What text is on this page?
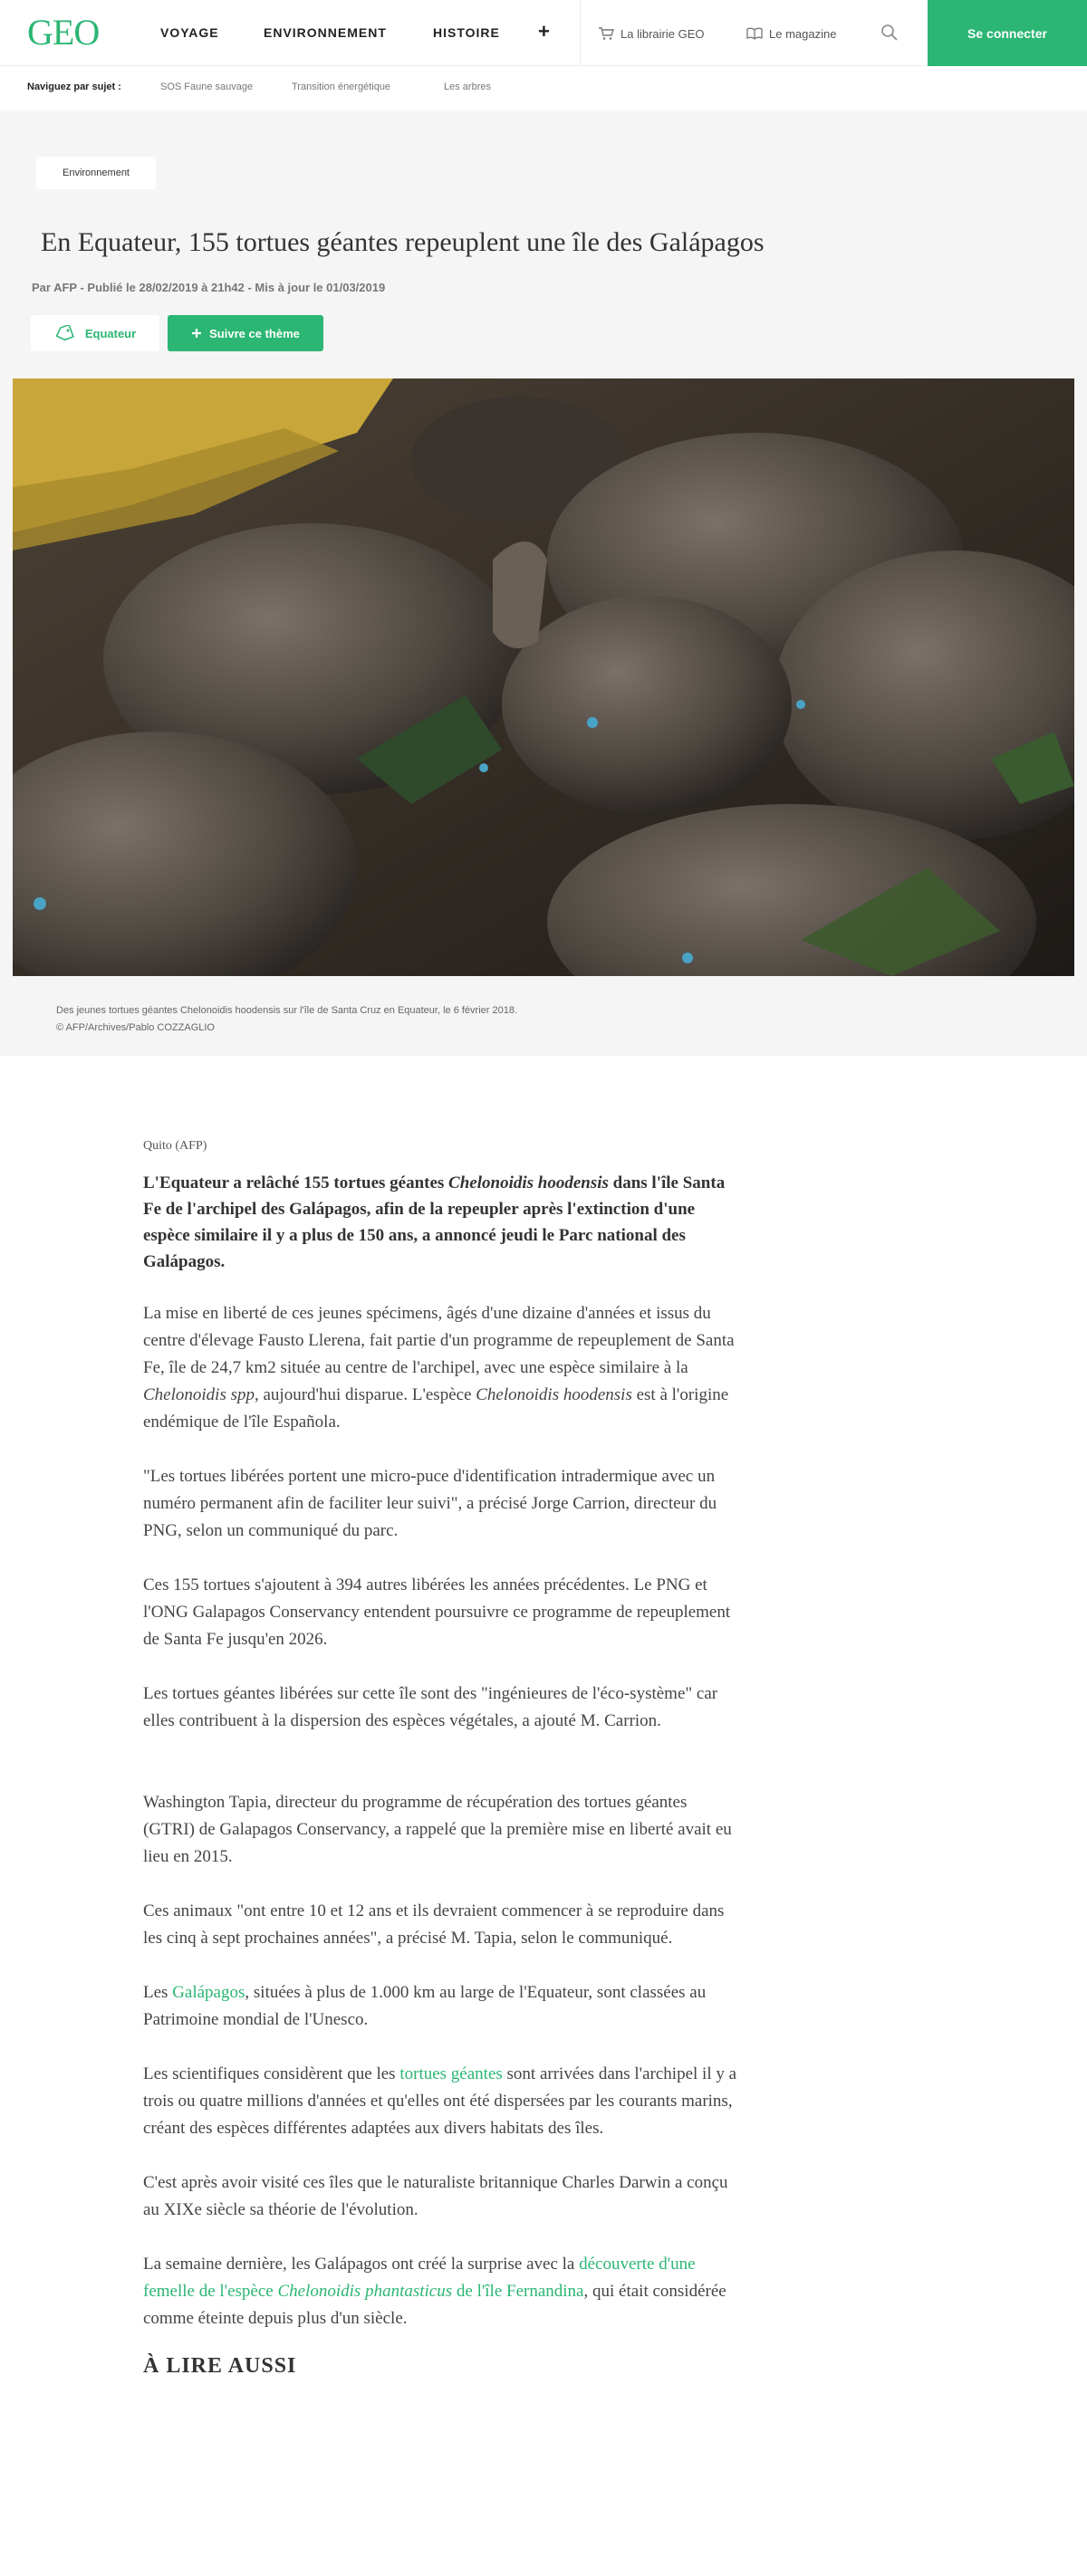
GEO	VOYAGE	ENVIRONNEMENT	HISTOIRE +	La librairie GEO	Le magazine	Se connecter
Naviguez par sujet :	SOS Faune sauvage	Transition énergétique	Les arbres
Environnement
En Equateur, 155 tortues géantes repeuplent une île des Galápagos
Par AFP - Publié le 28/02/2019 à 21h42 - Mis à jour le 01/03/2019
Equateur	Suivre ce thème
Des jeunes tortues géantes Chelonoidis hoodensis sur l'île de Santa Cruz en Equateur, le 6 février 2018.
© AFP/Archives/Pablo COZZAGLIO
Quito (AFP)

L'Equateur a relâché 155 tortues géantes Chelonoidis hoodensis dans l'île Santa Fe de l'archipel des Galápagos, afin de la repeupler après l'extinction d'une espèce similaire il y a plus de 150 ans, a annoncé jeudi le Parc national des Galápagos.

La mise en liberté de ces jeunes spécimens, âgés d'une dizaine d'années et issus du centre d'élevage Fausto Llerena, fait partie d'un programme de repeuplement de Santa Fe, île de 24,7 km2 située au centre de l'archipel, avec une espèce similaire à la Chelonoidis spp, aujourd'hui disparue. L'espèce Chelonoidis hoodensis est à l'origine endémique de l'île Española.

"Les tortues libérées portent une micro-puce d'identification intradermique avec un numéro permanent afin de faciliter leur suivi", a précisé Jorge Carrion, directeur du PNG, selon un communiqué du parc.

Ces 155 tortues s'ajoutent à 394 autres libérées les années précédentes. Le PNG et l'ONG Galapagos Conservancy entendent poursuivre ce programme de repeuplement de Santa Fe jusqu'en 2026.

Les tortues géantes libérées sur cette île sont des "ingénieures de l'éco-système" car elles contribuent à la dispersion des espèces végétales, a ajouté M. Carrion.

Washington Tapia, directeur du programme de récupération des tortues géantes (GTRI) de Galapagos Conservancy, a rappelé que la première mise en liberté avait eu lieu en 2015.

Ces animaux "ont entre 10 et 12 ans et ils devraient commencer à se reproduire dans les cinq à sept prochaines années", a précisé M. Tapia, selon le communiqué.

Les Galápagos, situées à plus de 1.000 km au large de l'Equateur, sont classées au Patrimoine mondial de l'Unesco.

Les scientifiques considèrent que les tortues géantes sont arrivées dans l'archipel il y a trois ou quatre millions d'années et qu'elles ont été dispersées par les courants marins, créant des espèces différentes adaptées aux divers habitats des îles.

C'est après avoir visité ces îles que le naturaliste britannique Charles Darwin a conçu au XIXe siècle sa théorie de l'évolution.

La semaine dernière, les Galápagos ont créé la surprise avec la découverte d'une femelle de l'espèce Chelonoidis phantasticus de l'île Fernandina, qui était considérée comme éteinte depuis plus d'un siècle.

À LIRE AUSSI
